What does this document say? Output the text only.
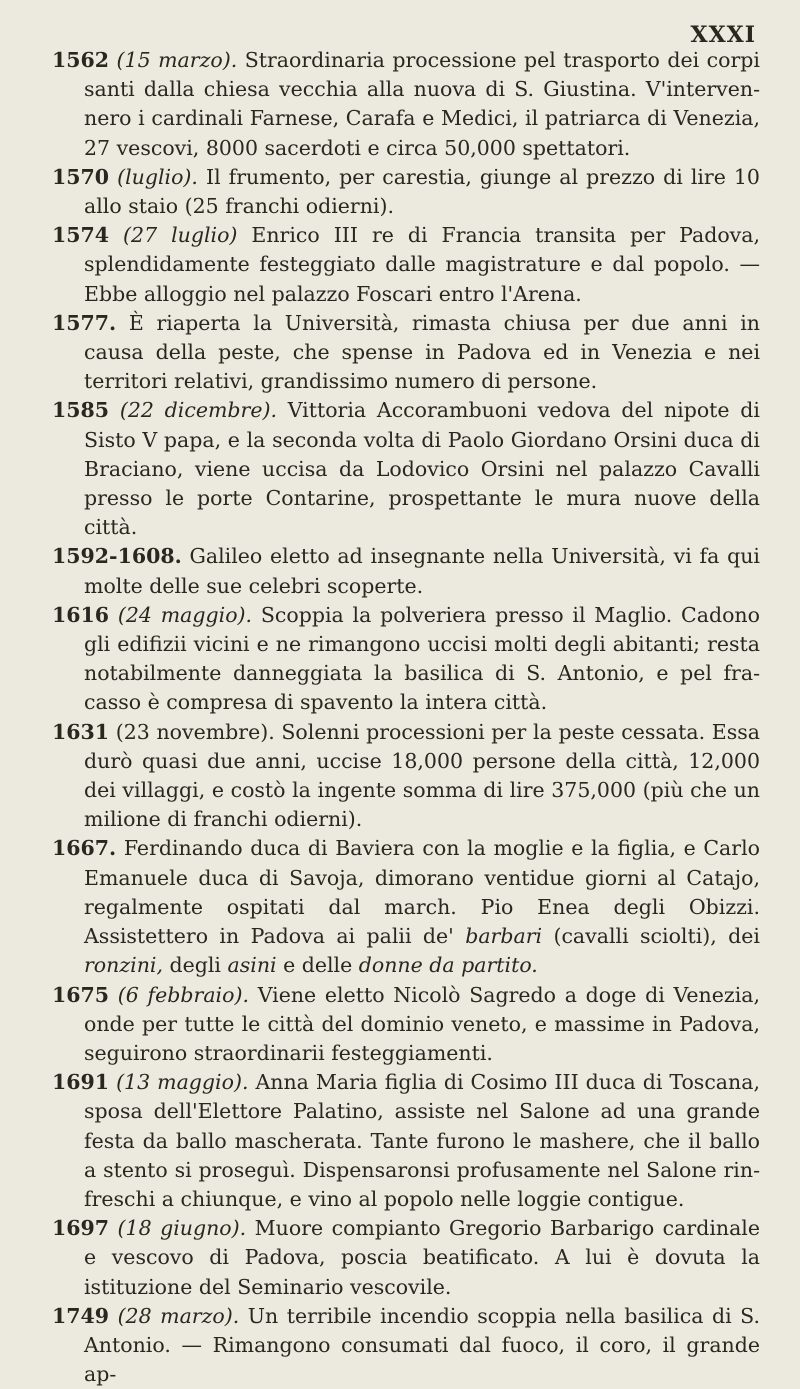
XXXI

1562 (15 marzo). Straordinaria processione pel trasporto dei corpi santi dalla chiesa vecchia alla nuova di S. Giustina. V'intervennero i cardinali Farnese, Carafa e Medici, il patriarca di Venezia, 27 vescovi, 8000 sacerdoti e circa 50,000 spettatori.

1570 (luglio). Il frumento, per carestia, giunge al prezzo di lire 10 allo staio (25 franchi odierni).

1574 (27 luglio) Enrico III re di Francia transita per Padova, splendidamente festeggiato dalle magistrature e dal popolo. — Ebbe alloggio nel palazzo Foscari entro l'Arena.

1577. È riaperta la Università, rimasta chiusa per due anni in causa della peste, che spense in Padova ed in Venezia e nei territori relativi, grandissimo numero di persone.

1585 (22 dicembre). Vittoria Accorambuoni vedova del nipote di Sisto V papa, e la seconda volta di Paolo Giordano Orsini duca di Braciano, viene uccisa da Lodovico Orsini nel palazzo Cavalli presso le porte Contarine, prospettante le mura nuove della città.

1592-1608. Galileo eletto ad insegnante nella Università, vi fa qui molte delle sue celebri scoperte.

1616 (24 maggio). Scoppia la polveriera presso il Maglio. Cadono gli edifizii vicini e ne rimangono uccisi molti degli abitanti; resta notabilmente danneggiata la basilica di S. Antonio, e pel fracasso è compresa di spavento la intera città.

1631 (23 novembre). Solenni processioni per la peste cessata. Essa durò quasi due anni, uccise 18,000 persone della città, 12,000 dei villaggi, e costò la ingente somma di lire 375,000 (più che un milione di franchi odierni).

1667. Ferdinando duca di Baviera con la moglie e la figlia, e Carlo Emanuele duca di Savoja, dimorano ventidue giorni al Catajo, regalmente ospitati dal march. Pio Enea degli Obizzi. Assistettero in Padova ai palii de' barbari (cavalli sciolti), dei ronzini, degli asini e delle donne da partito.

1675 (6 febbraio). Viene eletto Nicolò Sagredo a doge di Venezia, onde per tutte le città del dominio veneto, e massime in Padova, seguirono straordinarii festeggiamenti.

1691 (13 maggio). Anna Maria figlia di Cosimo III duca di Toscana, sposa dell'Elettore Palatino, assiste nel Salone ad una grande festa da ballo mascherata. Tante furono le mashere, che il ballo a stento si proseguì. Dispensaronsi profusamente nel Salone rinfreschi a chiunque, e vino al popolo nelle loggie contigue.

1697 (18 giugno). Muore compianto Gregorio Barbarigo cardinale e vescovo di Padova, poscia beatificato. A lui è dovuta la istituzione del Seminario vescovile.

1749 (28 marzo). Un terribile incendio scoppia nella basilica di S. Antonio. — Rimangono consumati dal fuoco, il coro, il grande ap-
